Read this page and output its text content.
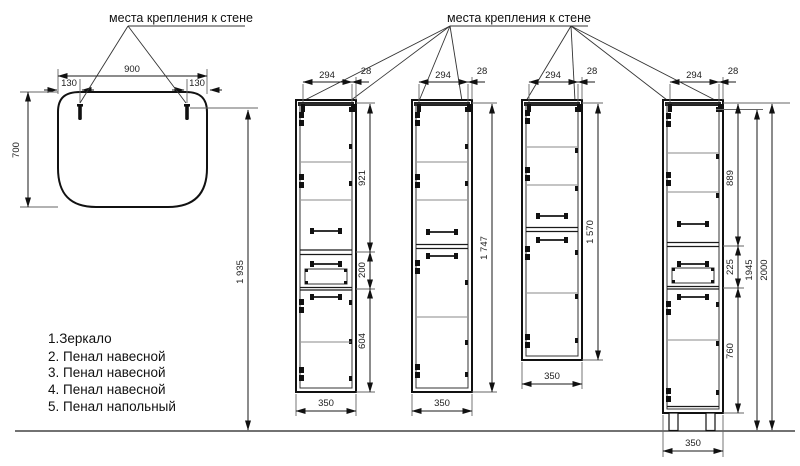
900
130	130
700
1 935
места крепления к стене	места крепления к стене
294	28
921
200
604
350
294	28
1 747
350
294	28
1 570
350
294	28
889
225
760
1945 2000
350
1.Зеркало
2. Пенал навесной
3. Пенал навесной
4. Пенал навесной
5. Пенал напольный
